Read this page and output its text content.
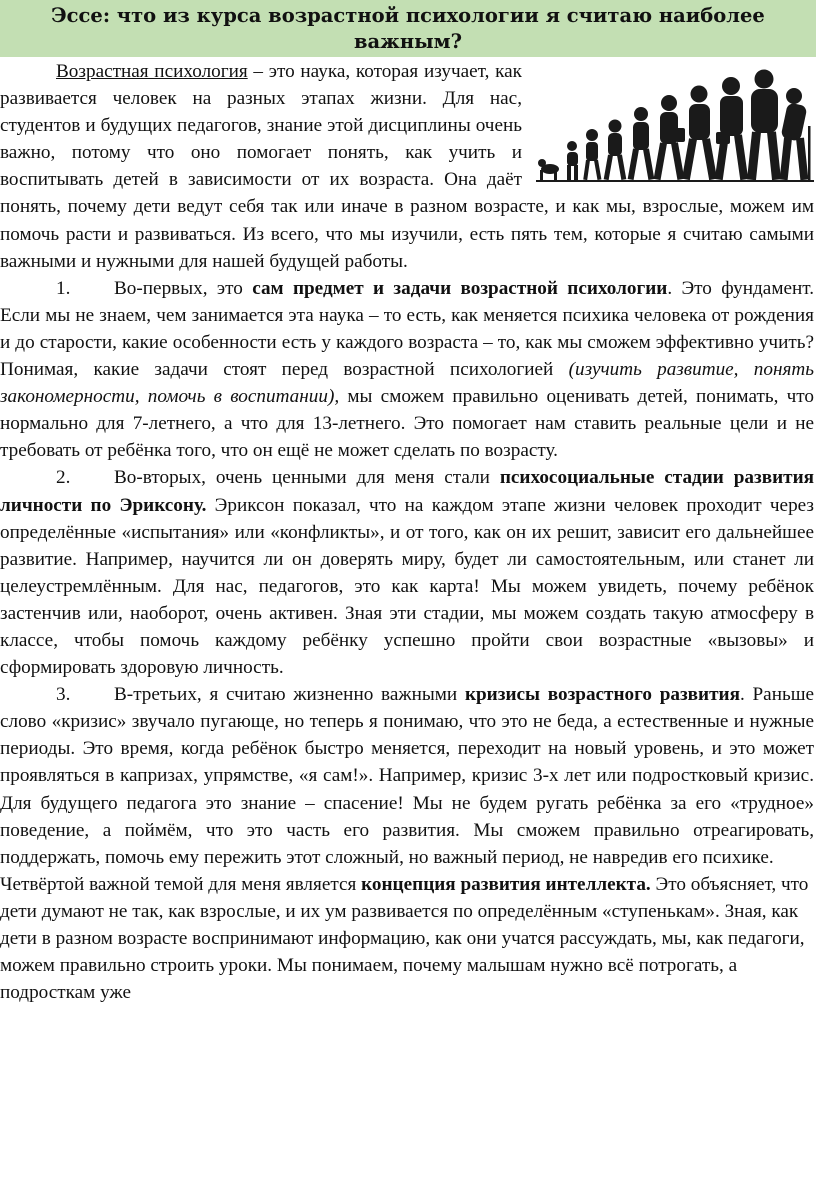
Эссе: что из курса возрастной психологии я считаю наиболее важным?

Возрастная психология – это наука, которая изучает, как развивается человек на разных этапах жизни. Для нас, студентов и будущих педагогов, знание этой дисциплины очень важно, потому что оно помогает понять, как учить и воспитывать детей в зависимости от их возраста. Она даёт понять, почему дети ведут себя так или иначе в разном возрасте, и как мы, взрослые, можем им помочь расти и развиваться. Из всего, что мы изучили, есть пять тем, которые я считаю самыми важными и нужными для нашей будущей работы.

1. Во-первых, это сам предмет и задачи возрастной психологии. Это фундамент. Если мы не знаем, чем занимается эта наука – то есть, как меняется психика человека от рождения и до старости, какие особенности есть у каждого возраста – то, как мы сможем эффективно учить? Понимая, какие задачи стоят перед возрастной психологией (изучить развитие, понять закономерности, помочь в воспитании), мы сможем правильно оценивать детей, понимать, что нормально для 7-летнего, а что для 13-летнего. Это помогает нам ставить реальные цели и не требовать от ребёнка того, что он ещё не может сделать по возрасту.

2. Во-вторых, очень ценными для меня стали психосоциальные стадии развития личности по Эриксону. Эриксон показал, что на каждом этапе жизни человек проходит через определённые «испытания» или «конфликты», и от того, как он их решит, зависит его дальнейшее развитие. Например, научится ли он доверять миру, будет ли самостоятельным, или станет ли целеустремлённым. Для нас, педагогов, это как карта! Мы можем увидеть, почему ребёнок застенчив или, наоборот, очень активен. Зная эти стадии, мы можем создать такую атмосферу в классе, чтобы помочь каждому ребёнку успешно пройти свои возрастные «вызовы» и сформировать здоровую личность.

3. В-третьих, я считаю жизненно важными кризисы возрастного развития. Раньше слово «кризис» звучало пугающе, но теперь я понимаю, что это не беда, а естественные и нужные периоды. Это время, когда ребёнок быстро меняется, переходит на новый уровень, и это может проявляться в капризах, упрямстве, «я сам!». Например, кризис 3-х лет или подростковый кризис. Для будущего педагога это знание – спасение! Мы не будем ругать ребёнка за его «трудное» поведение, а поймём, что это часть его развития. Мы сможем правильно отреагировать, поддержать, помочь ему пережить этот сложный, но важный период, не навредив его психике.

Четвёртой важной темой для меня является концепция развития интеллекта. Это объясняет, что дети думают не так, как взрослые, и их ум развивается по определённым «ступенькам». Зная, как дети в разном возрасте воспринимают информацию, как они учатся рассуждать, мы, как педагоги, можем правильно строить уроки. Мы понимаем, почему малышам нужно всё потрогать, а подросткам уже
